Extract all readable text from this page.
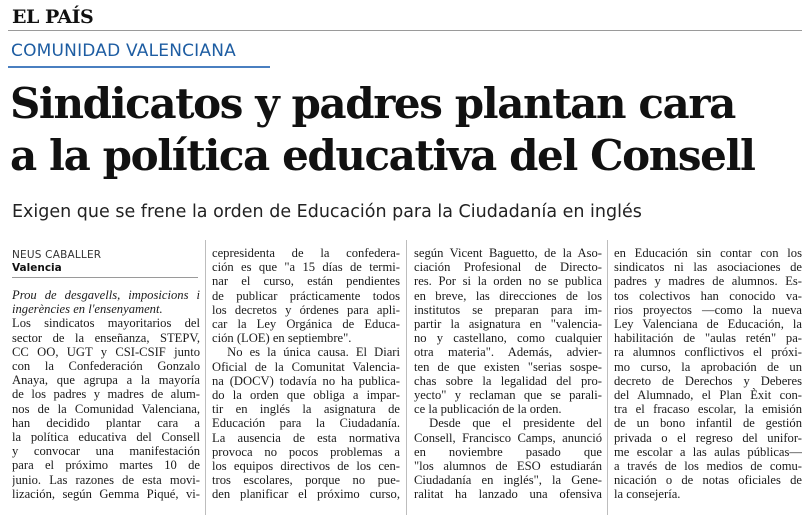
EL PAÍS
COMUNIDAD VALENCIANA
Sindicatos y padres plantan cara
a la política educativa del Consell

Exigen que se frene la orden de Educación para la Ciudadanía en inglés

NEUS CABALLER
Valencia
Prou de desgavells, imposicions i
ingerències en l'ensenyament.
Los sindicatos mayoritarios del
sector de la enseñanza, STEPV,
CC OO, UGT y CSI-CSIF junto
con la Confederación Gonzalo
Anaya, que agrupa a la mayoría
de los padres y madres de alum-
nos de la Comunidad Valenciana,
han decidido plantar cara a
la política educativa del Consell
y convocar una manifestación
para el próximo martes 10 de
junio. Las razones de esta movi-
lización, según Gemma Piqué, vi-
cepresidenta de la confedera-
ción es que "a 15 días de termi-
nar el curso, están pendientes
de publicar prácticamente todos
los decretos y órdenes para apli-
car la Ley Orgánica de Educa-
ción (LOE) en septiembre".
No es la única causa. El Diari
Oficial de la Comunitat Valencia-
na (DOCV) todavía no ha publica-
do la orden que obliga a impar-
tir en inglés la asignatura de
Educación para la Ciudadanía.
La ausencia de esta normativa
provoca no pocos problemas a
los equipos directivos de los cen-
tros escolares, porque no pue-
den planificar el próximo curso,
según Vicent Baguetto, de la Aso-
ciación Profesional de Directo-
res. Por si la orden no se publica
en breve, las direcciones de los
institutos se preparan para im-
partir la asignatura en "valencia-
no y castellano, como cualquier
otra materia". Además, advier-
ten de que existen "serias sospe-
chas sobre la legalidad del pro-
yecto" y reclaman que se parali-
ce la publicación de la orden.
Desde que el presidente del
Consell, Francisco Camps, anunció
en noviembre pasado que
"los alumnos de ESO estudiarán
Ciudadanía en inglés", la Gene-
ralitat ha lanzado una ofensiva
en Educación sin contar con los
sindicatos ni las asociaciones de
padres y madres de alumnos. Es-
tos colectivos han conocido va-
rios proyectos —como la nueva
Ley Valenciana de Educación, la
habilitación de "aulas retén" pa-
ra alumnos conflictivos el próxi-
mo curso, la aprobación de un
decreto de Derechos y Deberes
del Alumnado, el Plan Èxit con-
tra el fracaso escolar, la emisión
de un bono infantil de gestión
privada o el regreso del unifor-
me escolar a las aulas públicas—
a través de los medios de comu-
nicación o de notas oficiales de
la consejería.
